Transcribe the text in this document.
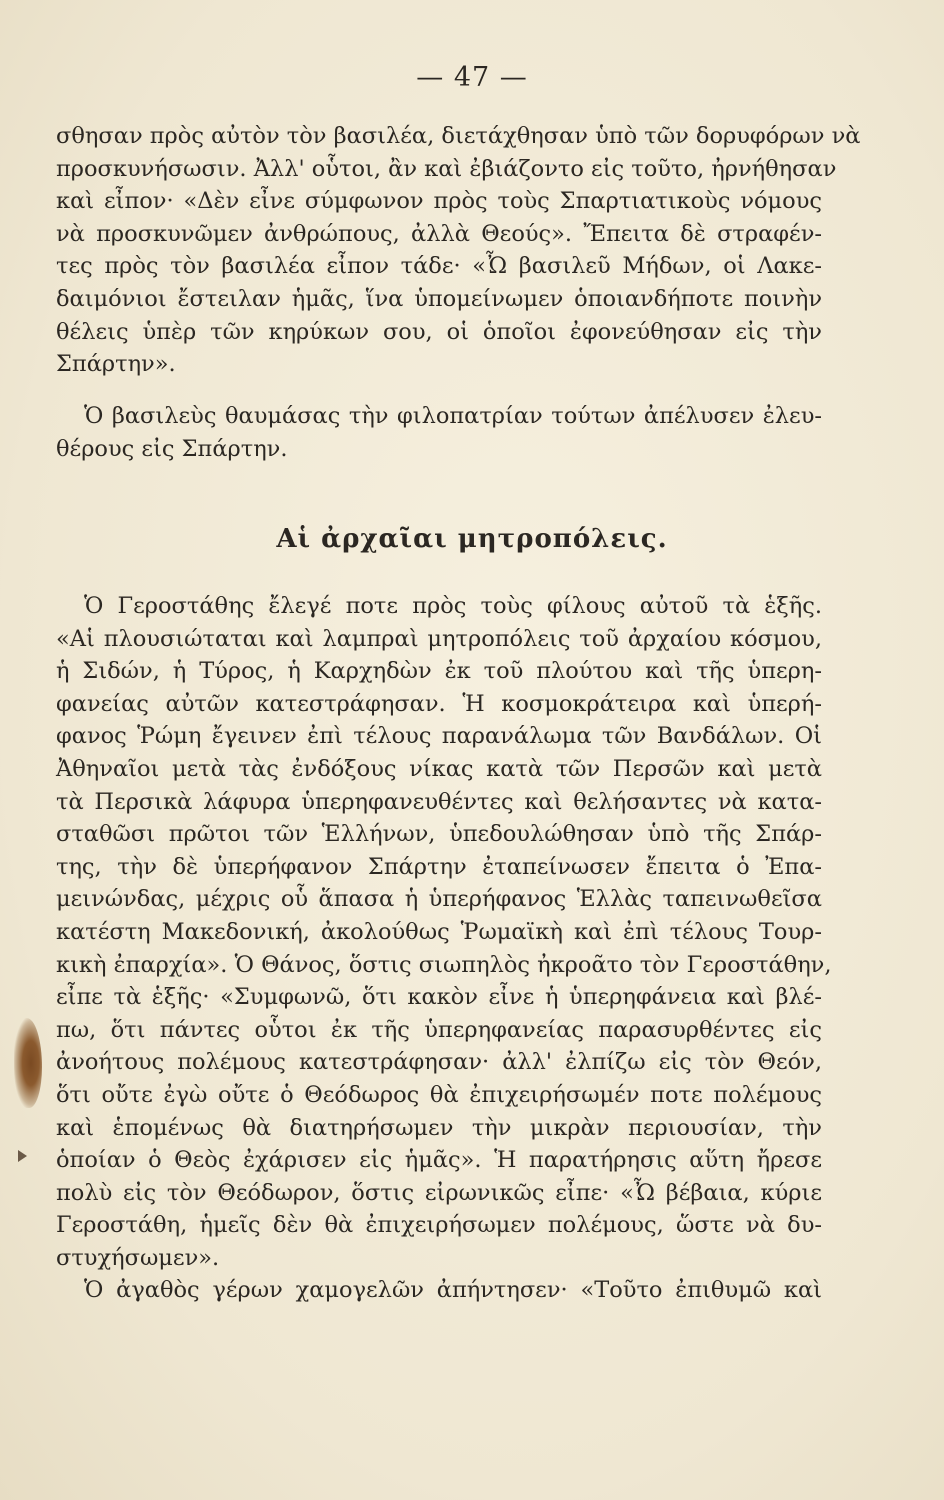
— 47 —
σθησαν πρὸς αὐτὸν τὸν βασιλέα, διετάχθησαν ὑπὸ τῶν δορυφόρων νὰ
προσκυνήσωσιν. Ἀλλ' οὗτοι, ἂν καὶ ἐβιάζοντο εἰς τοῦτο, ἠρνήθησαν
καὶ εἶπον· «Δὲν εἶνε σύμφωνον πρὸς τοὺς Σπαρτιατικοὺς νόμους
νὰ προσκυνῶμεν ἀνθρώπους, ἀλλὰ Θεούς». Ἔπειτα δὲ στραφέν-
τες πρὸς τὸν βασιλέα εἶπον τάδε· «Ὦ βασιλεῦ Μήδων, οἱ Λακε-
δαιμόνιοι ἔστειλαν ἡμᾶς, ἵνα ὑπομείνωμεν ὁποιανδήποτε ποινὴν
θέλεις ὑπὲρ τῶν κηρύκων σου, οἱ ὁποῖοι ἐφονεύθησαν εἰς τὴν
Σπάρτην».
Ὁ βασιλεὺς θαυμάσας τὴν φιλοπατρίαν τούτων ἀπέλυσεν ἐλευ-
θέρους εἰς Σπάρτην.
Αἱ ἀρχαῖαι μητροπόλεις.
Ὁ Γεροστάθης ἔλεγέ ποτε πρὸς τοὺς φίλους αὐτοῦ τὰ ἑξῆς.
«Αἱ πλουσιώταται καὶ λαμπραὶ μητροπόλεις τοῦ ἀρχαίου κόσμου,
ἡ Σιδών, ἡ Τύρος, ἡ Καρχηδὼν ἐκ τοῦ πλούτου καὶ τῆς ὑπερη-
φανείας αὐτῶν κατεστράφησαν. Ἡ κοσμοκράτειρα καὶ ὑπερή-
φανος Ῥώμη ἔγεινεν ἐπὶ τέλους παρανάλωμα τῶν Βανδάλων. Οἱ
Ἀθηναῖοι μετὰ τὰς ἐνδόξους νίκας κατὰ τῶν Περσῶν καὶ μετὰ
τὰ Περσικὰ λάφυρα ὑπερηφανευθέντες καὶ θελήσαντες νὰ κατα-
σταθῶσι πρῶτοι τῶν Ἑλλήνων, ὑπεδουλώθησαν ὑπὸ τῆς Σπάρ-
της, τὴν δὲ ὑπερήφανον Σπάρτην ἐταπείνωσεν ἔπειτα ὁ Ἐπα-
μεινώνδας, μέχρις οὗ ἅπασα ἡ ὑπερήφανος Ἑλλὰς ταπεινωθεῖσα
κατέστη Μακεδονική, ἀκολούθως Ῥωμαϊκὴ καὶ ἐπὶ τέλους Τουρ-
κικὴ ἐπαρχία». Ὁ Θάνος, ὅστις σιωπηλὸς ἠκροᾶτο τὸν Γεροστάθην,
εἶπε τὰ ἑξῆς· «Συμφωνῶ, ὅτι κακὸν εἶνε ἡ ὑπερηφάνεια καὶ βλέ-
πω, ὅτι πάντες οὗτοι ἐκ τῆς ὑπερηφανείας παρασυρθέντες εἰς
ἀνοήτους πολέμους κατεστράφησαν· ἀλλ' ἐλπίζω εἰς τὸν Θεόν,
ὅτι οὔτε ἐγὼ οὔτε ὁ Θεόδωρος θὰ ἐπιχειρήσωμέν ποτε πολέμους
καὶ ἑπομένως θὰ διατηρήσωμεν τὴν μικρὰν περιουσίαν, τὴν
ὁποίαν ὁ Θεὸς ἐχάρισεν εἰς ἡμᾶς». Ἡ παρατήρησις αὕτη ἤρεσε
πολὺ εἰς τὸν Θεόδωρον, ὅστις εἰρωνικῶς εἶπε· «Ὦ βέβαια, κύριε
Γεροστάθη, ἡμεῖς δὲν θὰ ἐπιχειρήσωμεν πολέμους, ὥστε νὰ δυ-
στυχήσωμεν».
Ὁ ἀγαθὸς γέρων χαμογελῶν ἀπήντησεν· «Τοῦτο ἐπιθυμῶ καὶ
